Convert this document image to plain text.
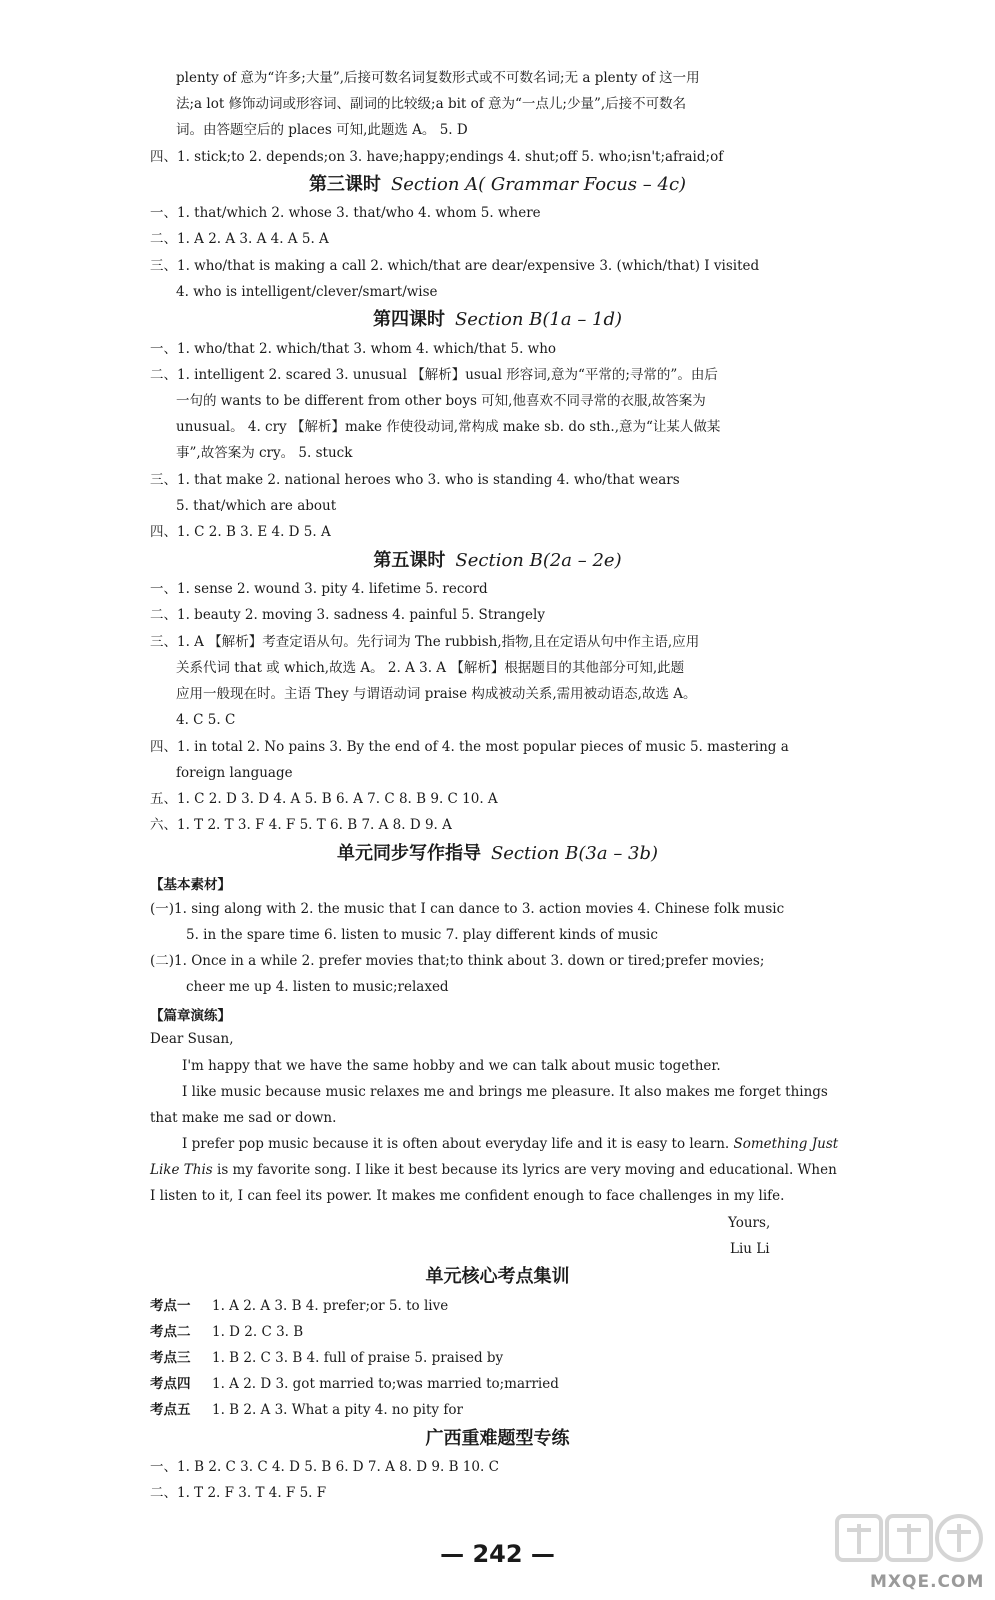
plenty of 意为“许多;大量”,后接可数名词复数形式或不可数名词;无 a plenty of 这一用
法;a lot 修饰动词或形容词、副词的比较级;a bit of 意为“一点儿;少量”,后接不可数名
词。由答题空后的 places 可知,此题选 A。 5. D
四、1. stick;to 2. depends;on 3. have;happy;endings 4. shut;off 5. who;isn't;afraid;of
第三课时 Section A( Grammar Focus – 4c)
一、1. that/which 2. whose 3. that/who 4. whom 5. where
二、1. A 2. A 3. A 4. A 5. A
三、1. who/that is making a call 2. which/that are dear/expensive 3. (which/that) I visited
4. who is intelligent/clever/smart/wise
第四课时 Section B(1a – 1d)
一、1. who/that 2. which/that 3. whom 4. which/that 5. who
二、1. intelligent 2. scared 3. unusual 【解析】usual 形容词,意为“平常的;寻常的”。由后
一句的 wants to be different from other boys 可知,他喜欢不同寻常的衣服,故答案为
unusual。 4. cry 【解析】make 作使役动词,常构成 make sb. do sth.,意为“让某人做某
事”,故答案为 cry。 5. stuck
三、1. that make 2. national heroes who 3. who is standing 4. who/that wears
5. that/which are about
四、1. C 2. B 3. E 4. D 5. A
第五课时 Section B(2a – 2e)
一、1. sense 2. wound 3. pity 4. lifetime 5. record
二、1. beauty 2. moving 3. sadness 4. painful 5. Strangely
三、1. A 【解析】考查定语从句。先行词为 The rubbish,指物,且在定语从句中作主语,应用
关系代词 that 或 which,故选 A。 2. A 3. A 【解析】根据题目的其他部分可知,此题
应用一般现在时。主语 They 与谓语动词 praise 构成被动关系,需用被动语态,故选 A。
4. C 5. C
四、1. in total 2. No pains 3. By the end of 4. the most popular pieces of music 5. mastering a
foreign language
五、1. C 2. D 3. D 4. A 5. B 6. A 7. C 8. B 9. C 10. A
六、1. T 2. T 3. F 4. F 5. T 6. B 7. A 8. D 9. A
单元同步写作指导 Section B(3a – 3b)
【基本素材】
(一)1. sing along with 2. the music that I can dance to 3. action movies 4. Chinese folk music
5. in the spare time 6. listen to music 7. play different kinds of music
(二)1. Once in a while 2. prefer movies that;to think about 3. down or tired;prefer movies;
cheer me up 4. listen to music;relaxed
【篇章演练】
Dear Susan,
I'm happy that we have the same hobby and we can talk about music together.
I like music because music relaxes me and brings me pleasure. It also makes me forget things
that make me sad or down.
I prefer pop music because it is often about everyday life and it is easy to learn. Something Just
Like This is my favorite song. I like it best because its lyrics are very moving and educational. When
I listen to it, I can feel its power. It makes me confident enough to face challenges in my life.
Yours,
Liu Li
单元核心考点集训
考点一 1. A 2. A 3. B 4. prefer;or 5. to live
考点二 1. D 2. C 3. B
考点三 1. B 2. C 3. B 4. full of praise 5. praised by
考点四 1. A 2. D 3. got married to;was married to;married
考点五 1. B 2. A 3. What a pity 4. no pity for
广西重难题型专练
一、1. B 2. C 3. C 4. D 5. B 6. D 7. A 8. D 9. B 10. C
二、1. T 2. F 3. T 4. F 5. F
— 242 —
MXQE.COM
